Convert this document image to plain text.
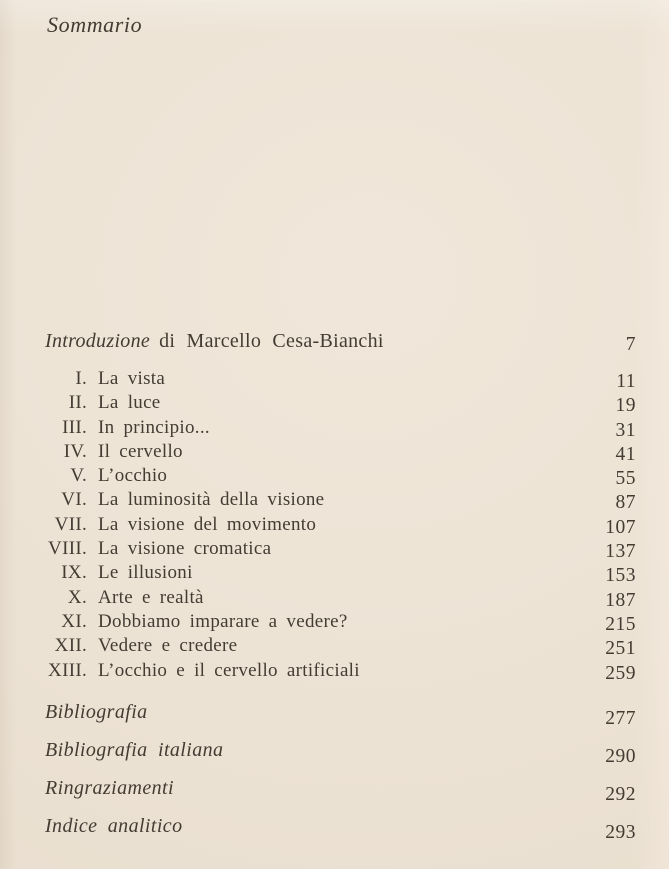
Sommario
Introduzione di Marcello Cesa-Bianchi	7
I. La vista	11
II. La luce	19
III. In principio...	31
IV. Il cervello	41
V. L’occhio	55
VI. La luminosità della visione	87
VII. La visione del movimento	107
VIII. La visione cromatica	137
IX. Le illusioni	153
X. Arte e realtà	187
XI. Dobbiamo imparare a vedere?	215
XII. Vedere e credere	251
XIII. L’occhio e il cervello artificiali	259
Bibliografia	277
Bibliografia italiana	290
Ringraziamenti	292
Indice analitico	293
